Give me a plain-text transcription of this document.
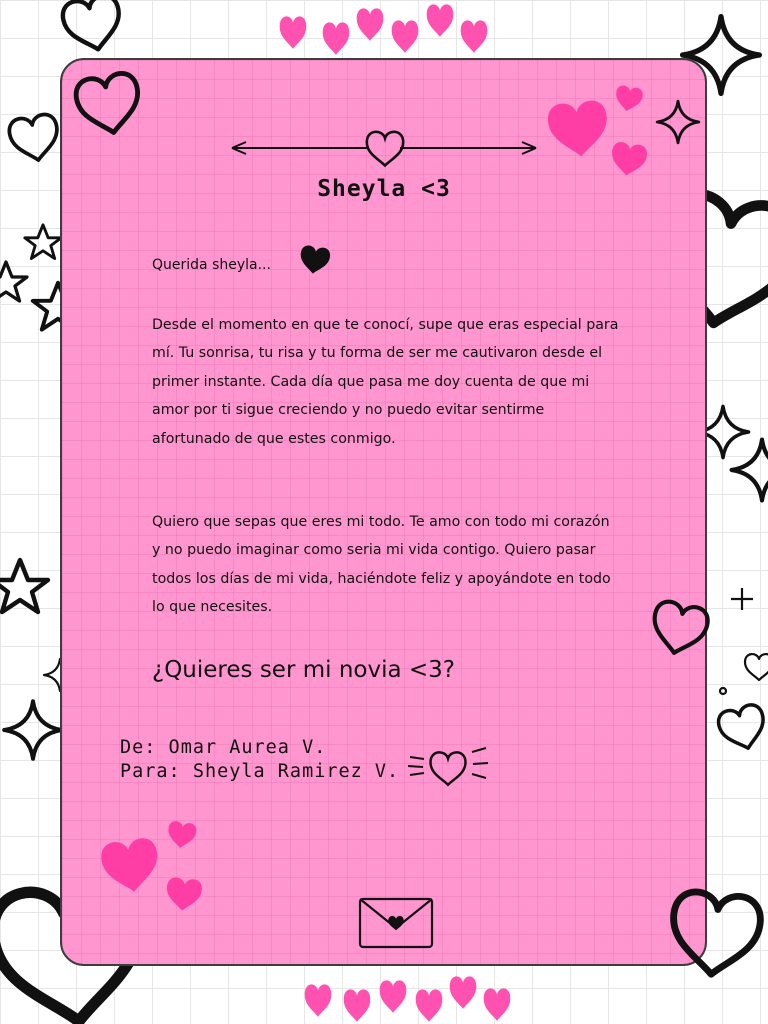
Sheyla <3
Querida sheyla...

Desde el momento en que te conocí, supe que eras especial para mí. Tu sonrisa, tu risa y tu forma de ser me cautivaron desde el primer instante. Cada día que pasa me doy cuenta de que mi amor por ti sigue creciendo y no puedo evitar sentirme afortunado de que estes conmigo.

Quiero que sepas que eres mi todo. Te amo con todo mi corazón y no puedo imaginar como seria mi vida contigo. Quiero pasar todos los días de mi vida, haciéndote feliz y apoyándote en todo lo que necesites.

¿Quieres ser mi novia <3?
De: Omar Aurea V.
Para: Sheyla Ramirez V.
